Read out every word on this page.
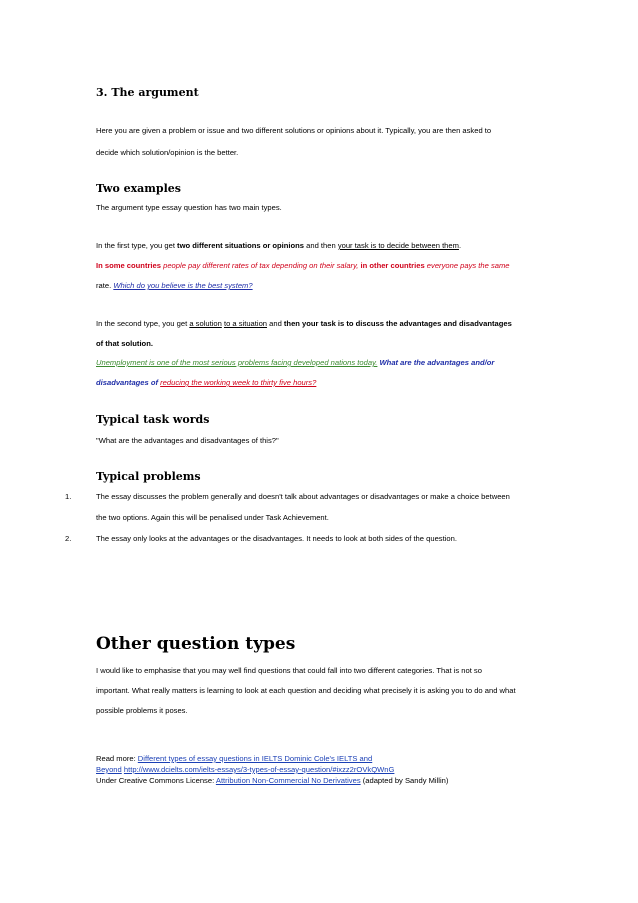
3. The argument
Here you are given a problem or issue and two different solutions or opinions about it. Typically, you are then asked to
decide which solution/opinion is the better.
Two examples
The argument type essay question has two main types.
In the first type, you get two different situations or opinions and then your task is to decide between them.
In some countries people pay different rates of tax depending on their salary, in other countries everyone pays the same
rate. Which do you believe is the best system?
In the second type, you get a solution to a situation and then your task is to discuss the advantages and disadvantages
of that solution.
Unemployment is one of the most serious problems facing developed nations today. What are the advantages and/or
disadvantages of reducing the working week to thirty five hours?
Typical task words
"What are the advantages and disadvantages of this?"
Typical problems
1.	The essay discusses the problem generally and doesn't talk about advantages or disadvantages or make a choice between
the two options. Again this will be penalised under Task Achievement.
2.	The essay only looks at the advantages or the disadvantages. It needs to look at both sides of the question.
Other question types
I would like to emphasise that you may well find questions that could fall into two different categories. That is not so
important. What really matters is learning to look at each question and deciding what precisely it is asking you to do and what
possible problems it poses.
Read more: Different types of essay questions in IELTS Dominic Cole's IELTS and
Beyond http://www.dcielts.com/ielts-essays/3-types-of-essay-question/#ixzz2rOVkQWnG
Under Creative Commons License: Attribution Non-Commercial No Derivatives (adapted by Sandy Millin)
